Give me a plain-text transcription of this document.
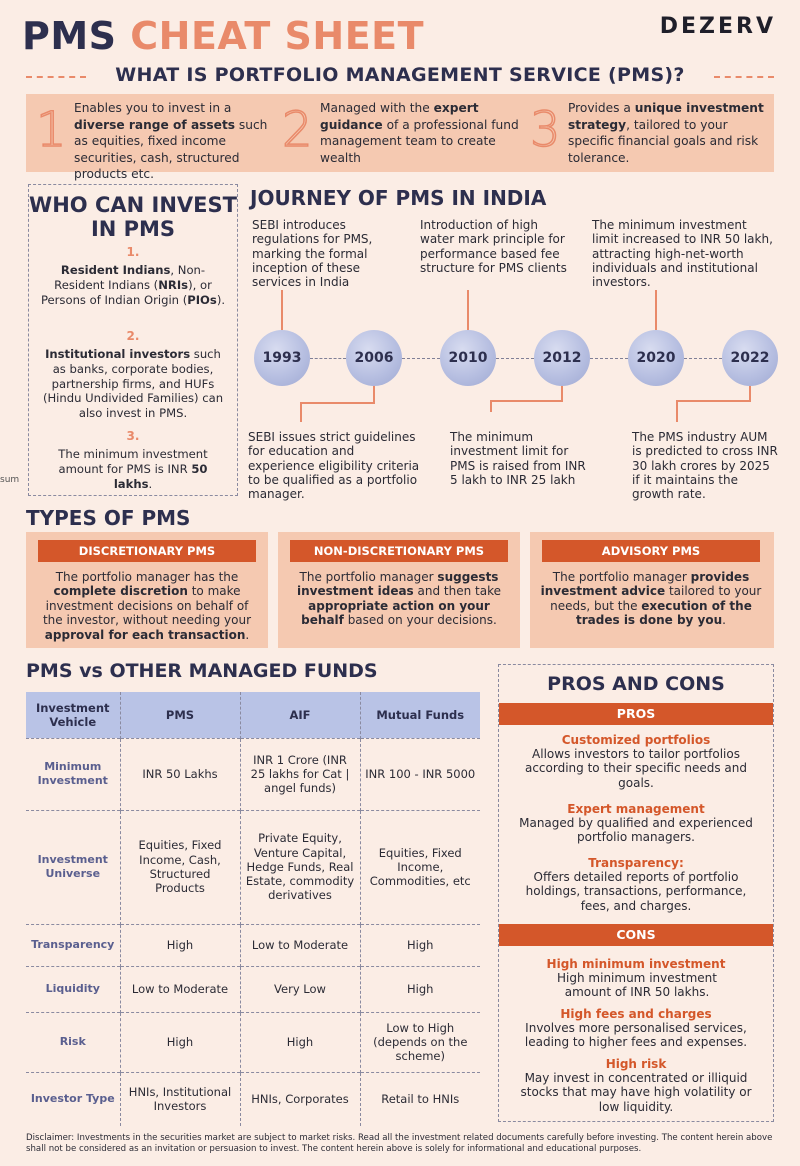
PMS CHEAT SHEET	DEZERV
WHAT IS PORTFOLIO MANAGEMENT SERVICE (PMS)?
1 Enables you to invest in a diverse range of assets such as equities, fixed income securities, cash, structured products etc.
2 Managed with the expert guidance of a professional fund management team to create wealth	3 Provides a unique investment strategy, tailored to your specific financial goals and risk tolerance.
sum
WHO CAN INVEST IN PMS
1.
Resident Indians, Non-Resident Indians (NRIs), or Persons of Indian Origin (PIOs).
2.
Institutional investors such as banks, corporate bodies, partnership firms, and HUFs (Hindu Undivided Families) can also invest in PMS.
3.
The minimum investment amount for PMS is INR 50 lakhs.
JOURNEY OF PMS IN INDIA
SEBI introduces regulations for PMS, marking the formal inception of these services in India
Introduction of high water mark principle for performance based fee structure for PMS clients
The minimum investment limit increased to INR 50 lakh, attracting high-net-worth individuals and institutional investors.
1993	2006	2010	2012	2020	2022
SEBI issues strict guidelines for education and experience eligibility criteria to be qualified as a portfolio manager.
The minimum investment limit for PMS is raised from INR 5 lakh to INR 25 lakh
The PMS industry AUM is predicted to cross INR 30 lakh crores by 2025 if it maintains the growth rate.
TYPES OF PMS
DISCRETIONARY PMS
The portfolio manager has the complete discretion to make investment decisions on behalf of the investor, without needing your approval for each transaction.
NON-DISCRETIONARY PMS
The portfolio manager suggests investment ideas and then take appropriate action on your behalf based on your decisions.
ADVISORY PMS
The portfolio manager provides investment advice tailored to your needs, but the execution of the trades is done by you.
PMS vs OTHER MANAGED FUNDS
Investment Vehicle	PMS	AIF	Mutual Funds
Minimum Investment	INR 50 Lakhs	INR 1 Crore (INR 25 lakhs for Cat | angel funds)	INR 100 - INR 5000
Investment Universe	Equities, Fixed Income, Cash, Structured Products	Private Equity, Venture Capital, Hedge Funds, Real Estate, commodity derivatives	Equities, Fixed Income, Commodities, etc
Transparency	High	Low to Moderate	High
Liquidity	Low to Moderate	Very Low	High
Risk	High	High	Low to High (depends on the scheme)
Investor Type	HNIs, Institutional Investors	HNIs, Corporates	Retail to HNIs
PROS AND CONS
PROS
Customized portfolios
Allows investors to tailor portfolios according to their specific needs and goals.
Expert management
Managed by qualified and experienced portfolio managers.
Transparency:
Offers detailed reports of portfolio holdings, transactions, performance, fees, and charges.
CONS
High minimum investment
High minimum investment amount of INR 50 lakhs.
High fees and charges
Involves more personalised services, leading to higher fees and expenses.
High risk
May invest in concentrated or illiquid stocks that may have high volatility or low liquidity.
Disclaimer: Investments in the securities market are subject to market risks. Read all the investment related documents carefully before investing. The content herein above shall not be considered as an invitation or persuasion to invest. The content herein above is solely for informational and educational purposes.
